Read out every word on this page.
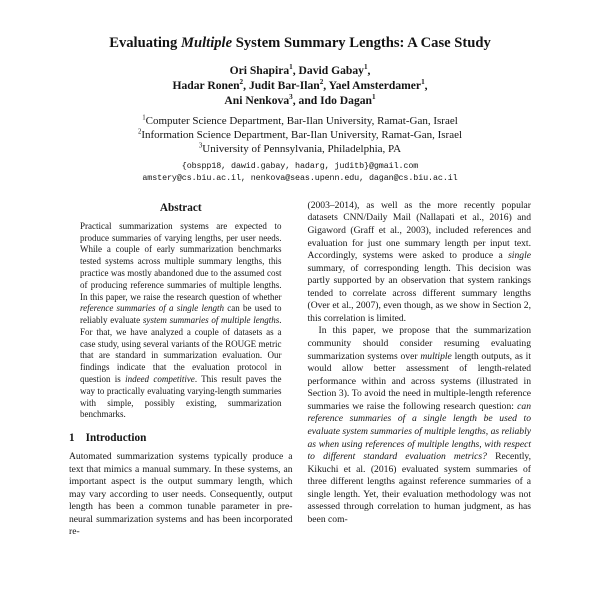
Evaluating Multiple System Summary Lengths: A Case Study
Ori Shapira$^1$, David Gabay$^1$,
Hadar Ronen$^2$, Judit Bar-Ilan$^2$, Yael Amsterdamer$^1$,
Ani Nenkova$^3$, and Ido Dagan$^1$
$^1$Computer Science Department, Bar-Ilan University, Ramat-Gan, Israel
$^2$Information Science Department, Bar-Ilan University, Ramat-Gan, Israel
$^3$University of Pennsylvania, Philadelphia, PA
{obspp18, dawid.gabay, hadarg, juditb}@gmail.com
amstery@cs.biu.ac.il, nenkova@seas.upenn.edu, dagan@cs.biu.ac.il
Abstract

Practical summarization systems are expected to produce summaries of varying lengths, per user needs. While a couple of early summarization benchmarks tested systems across multiple summary lengths, this practice was mostly abandoned due to the assumed cost of producing reference summaries of multiple lengths. In this paper, we raise the research question of whether reference summaries of a single length can be used to reliably evaluate system summaries of multiple lengths. For that, we have analyzed a couple of datasets as a case study, using several variants of the ROUGE metric that are standard in summarization evaluation. Our findings indicate that the evaluation protocol in question is indeed competitive. This result paves the way to practically evaluating varying-length summaries with simple, possibly existing, summarization benchmarks.

1 Introduction

Automated summarization systems typically produce a text that mimics a manual summary. In these systems, an important aspect is the output summary length, which may vary according to user needs. Consequently, output length has been a common tunable parameter in pre-neural summarization systems and has been incorporated re-

(2003–2014), as well as the more recently popular datasets CNN/Daily Mail (Nallapati et al., 2016) and Gigaword (Graff et al., 2003), included references and evaluation for just one summary length per input text. Accordingly, systems were asked to produce a single summary, of corresponding length. This decision was partly supported by an observation that system rankings tended to correlate across different summary lengths (Over et al., 2007), even though, as we show in Section 2, this correlation is limited.

In this paper, we propose that the summarization community should consider resuming evaluating summarization systems over multiple length outputs, as it would allow better assessment of length-related performance within and across systems (illustrated in Section 3). To avoid the need in multiple-length reference summaries we raise the following research question: can reference summaries of a single length be used to evaluate system summaries of multiple lengths, as reliably as when using references of multiple lengths, with respect to different standard evaluation metrics? Recently, Kikuchi et al. (2016) evaluated system summaries of three different lengths against reference summaries of a single length. Yet, their evaluation methodology was not assessed through correlation to human judgment, as has been com-
